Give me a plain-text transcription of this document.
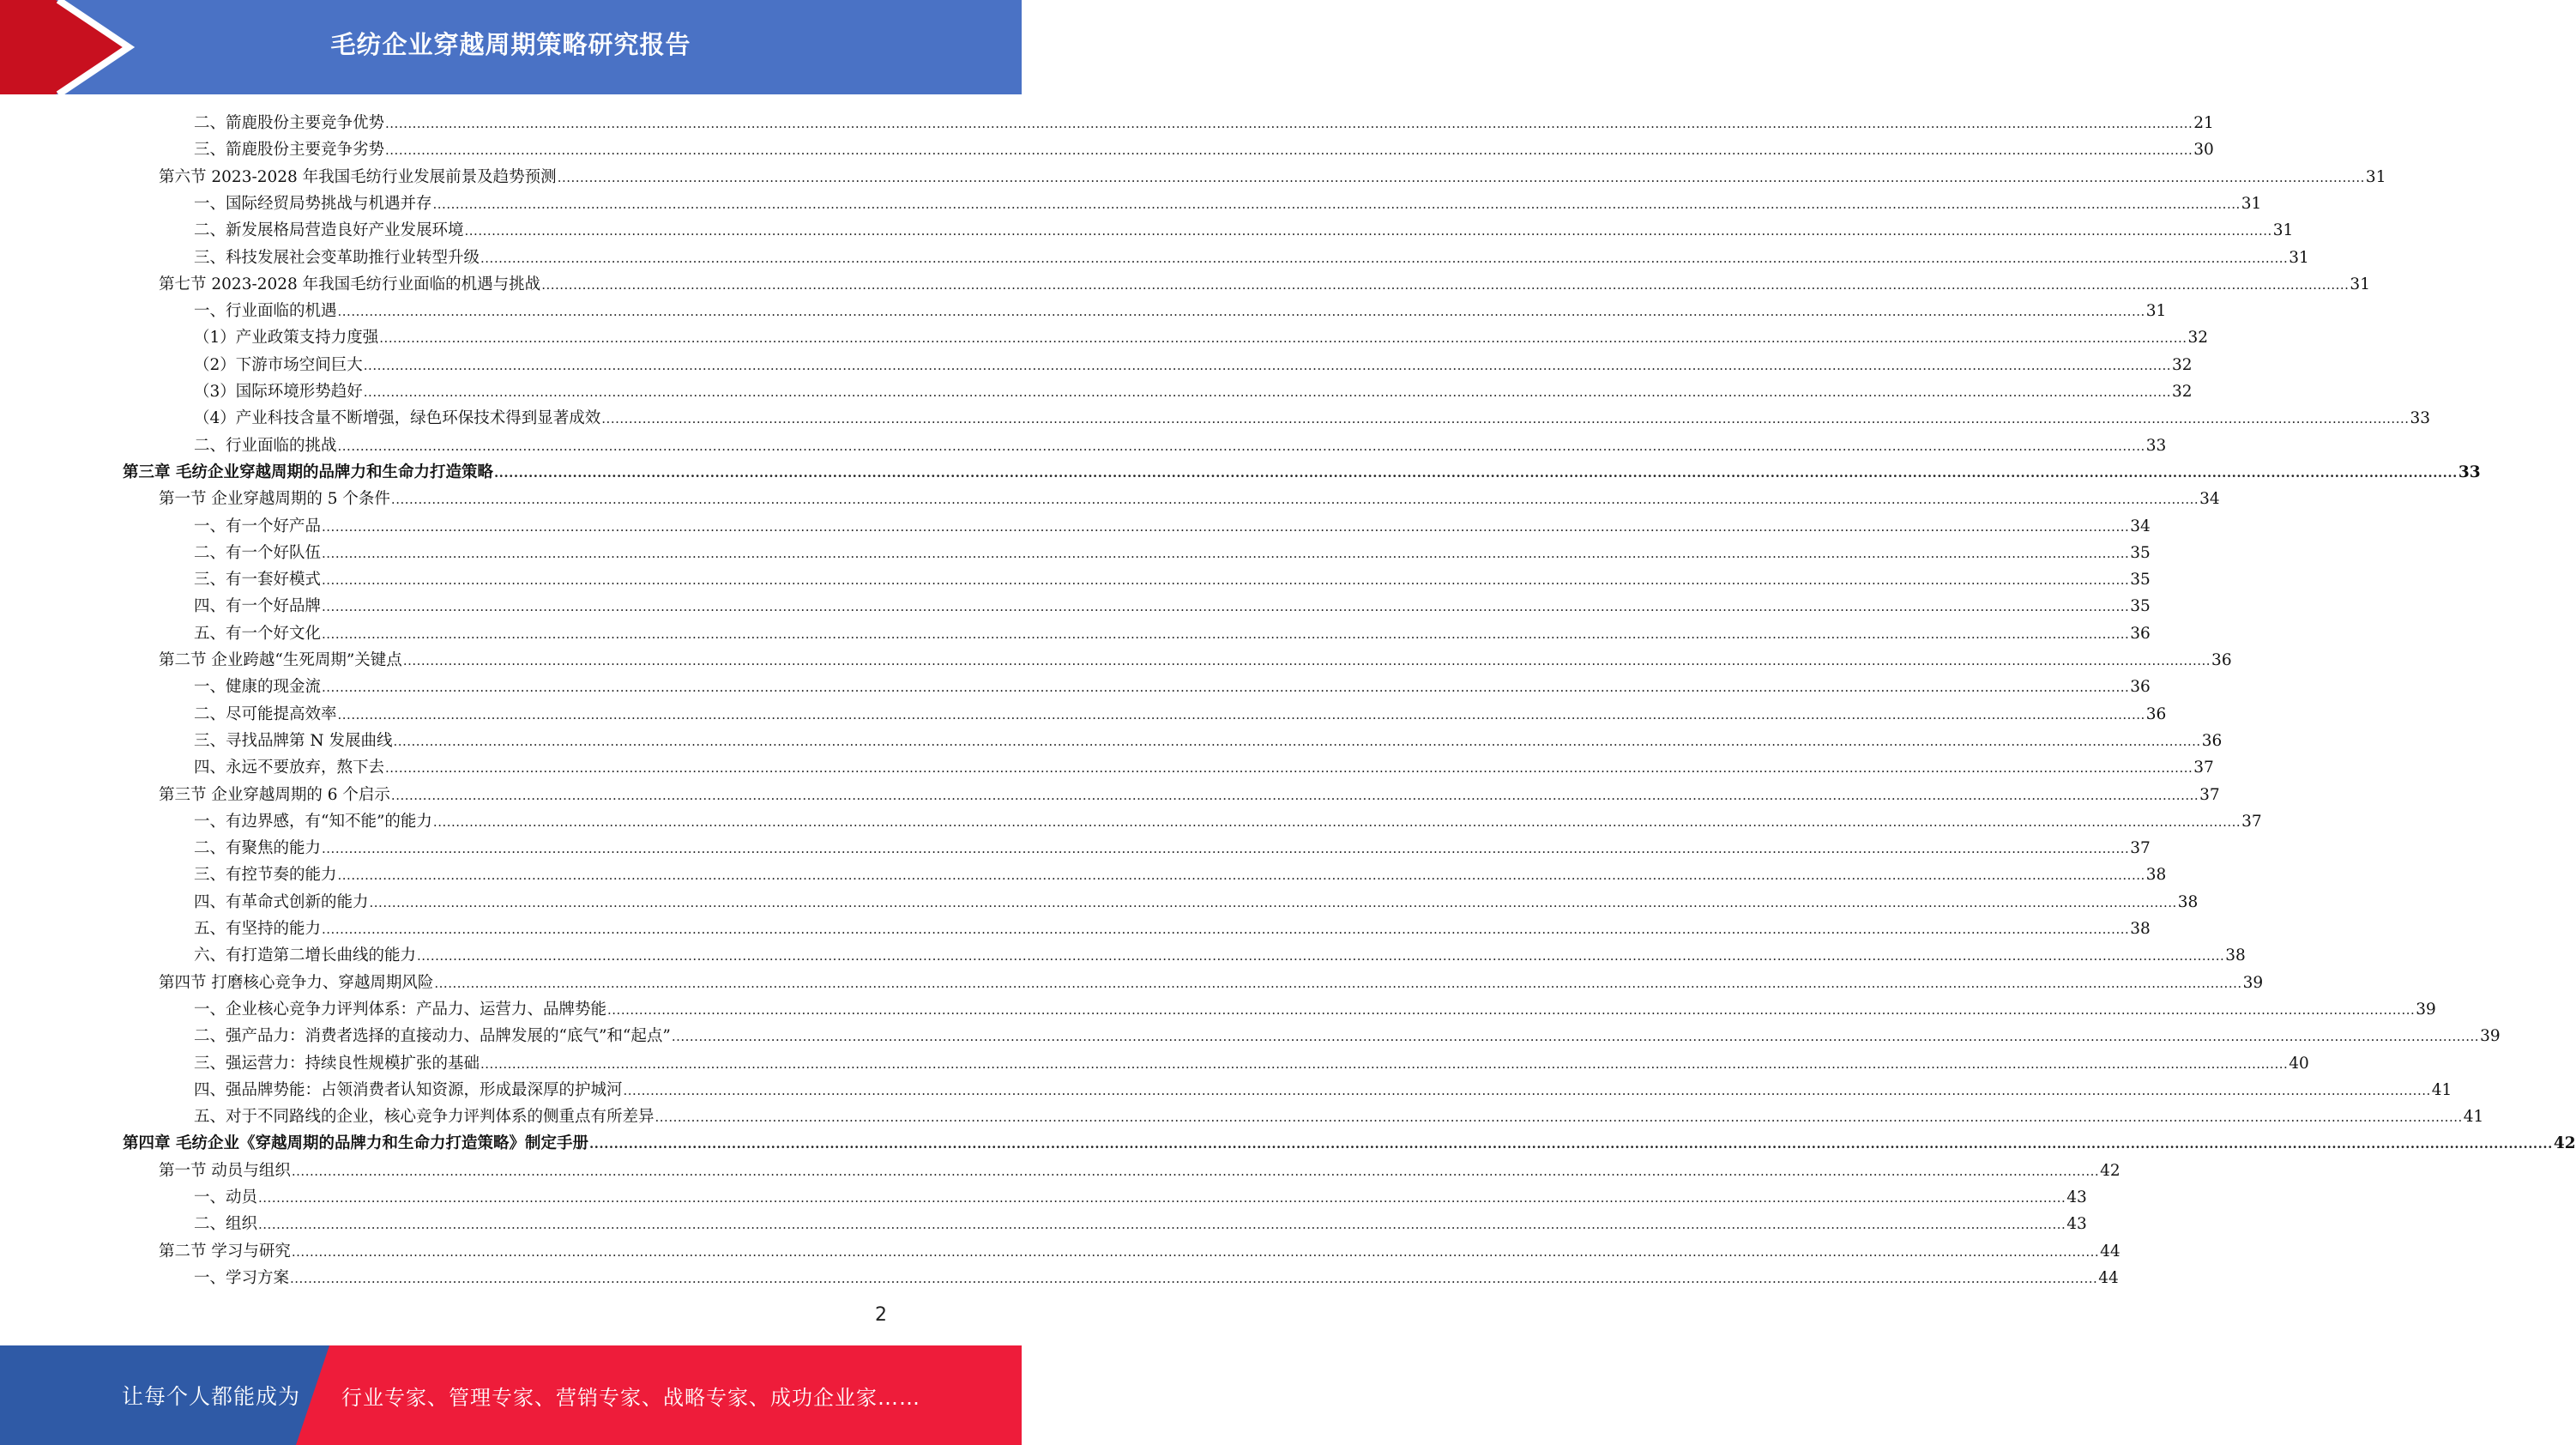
毛纺企业穿越周期策略研究报告
二、箭鹿股份主要竞争优势 ................................................................................................................................................................................................................................................................................................................................................................................................................ 21
三、箭鹿股份主要竞争劣势 ................................................................................................................................................................................................................................................................................................................................................................................................................ 30
第六节 2023-2028 年我国毛纺行业发展前景及趋势预测 ................................................................................................................................................................................................................................................................................................................................................................................................................ 31
一、国际经贸局势挑战与机遇并存 ................................................................................................................................................................................................................................................................................................................................................................................................................ 31
二、新发展格局营造良好产业发展环境 ................................................................................................................................................................................................................................................................................................................................................................................................................ 31
三、科技发展社会变革助推行业转型升级 ................................................................................................................................................................................................................................................................................................................................................................................................................ 31
第七节 2023-2028 年我国毛纺行业面临的机遇与挑战 ................................................................................................................................................................................................................................................................................................................................................................................................................ 31
一、行业面临的机遇 ................................................................................................................................................................................................................................................................................................................................................................................................................ 31
（1）产业政策支持力度强 ................................................................................................................................................................................................................................................................................................................................................................................................................ 32
（2）下游市场空间巨大 ................................................................................................................................................................................................................................................................................................................................................................................................................ 32
（3）国际环境形势趋好 ................................................................................................................................................................................................................................................................................................................................................................................................................ 32
（4）产业科技含量不断增强，绿色环保技术得到显著成效 ................................................................................................................................................................................................................................................................................................................................................................................................................ 33
二、行业面临的挑战 ................................................................................................................................................................................................................................................................................................................................................................................................................ 33
第三章 毛纺企业穿越周期的品牌力和生命力打造策略 ................................................................................................................................................................................................................................................................................................................................................................................................................ 33
第一节 企业穿越周期的 5 个条件 ................................................................................................................................................................................................................................................................................................................................................................................................................ 34
一、有一个好产品 ................................................................................................................................................................................................................................................................................................................................................................................................................ 34
二、有一个好队伍 ................................................................................................................................................................................................................................................................................................................................................................................................................ 35
三、有一套好模式 ................................................................................................................................................................................................................................................................................................................................................................................................................ 35
四、有一个好品牌 ................................................................................................................................................................................................................................................................................................................................................................................................................ 35
五、有一个好文化 ................................................................................................................................................................................................................................................................................................................................................................................................................ 36
第二节 企业跨越“生死周期”关键点 ................................................................................................................................................................................................................................................................................................................................................................................................................ 36
一、健康的现金流 ................................................................................................................................................................................................................................................................................................................................................................................................................ 36
二、尽可能提高效率 ................................................................................................................................................................................................................................................................................................................................................................................................................ 36
三、寻找品牌第 N 发展曲线 ................................................................................................................................................................................................................................................................................................................................................................................................................ 36
四、永远不要放弃，熬下去 ................................................................................................................................................................................................................................................................................................................................................................................................................ 37
第三节 企业穿越周期的 6 个启示 ................................................................................................................................................................................................................................................................................................................................................................................................................ 37
一、有边界感，有“知不能”的能力 ................................................................................................................................................................................................................................................................................................................................................................................................................ 37
二、有聚焦的能力 ................................................................................................................................................................................................................................................................................................................................................................................................................ 37
三、有控节奏的能力 ................................................................................................................................................................................................................................................................................................................................................................................................................ 38
四、有革命式创新的能力 ................................................................................................................................................................................................................................................................................................................................................................................................................ 38
五、有坚持的能力 ................................................................................................................................................................................................................................................................................................................................................................................................................ 38
六、有打造第二增长曲线的能力 ................................................................................................................................................................................................................................................................................................................................................................................................................ 38
第四节 打磨核心竞争力、穿越周期风险 ................................................................................................................................................................................................................................................................................................................................................................................................................ 39
一、企业核心竞争力评判体系：产品力、运营力、品牌势能 ................................................................................................................................................................................................................................................................................................................................................................................................................ 39
二、强产品力：消费者选择的直接动力、品牌发展的“底气”和“起点” ................................................................................................................................................................................................................................................................................................................................................................................................................ 39
三、强运营力：持续良性规模扩张的基础 ................................................................................................................................................................................................................................................................................................................................................................................................................ 40
四、强品牌势能：占领消费者认知资源，形成最深厚的护城河 ................................................................................................................................................................................................................................................................................................................................................................................................................ 41
五、对于不同路线的企业，核心竞争力评判体系的侧重点有所差异 ................................................................................................................................................................................................................................................................................................................................................................................................................ 41
第四章 毛纺企业《穿越周期的品牌力和生命力打造策略》制定手册 ................................................................................................................................................................................................................................................................................................................................................................................................................ 42
第一节 动员与组织 ................................................................................................................................................................................................................................................................................................................................................................................................................ 42
一、动员 ................................................................................................................................................................................................................................................................................................................................................................................................................ 43
二、组织 ................................................................................................................................................................................................................................................................................................................................................................................................................ 43
第二节 学习与研究 ................................................................................................................................................................................................................................................................................................................................................................................................................ 44
一、学习方案 ................................................................................................................................................................................................................................................................................................................................................................................................................ 44
2
让每个人都能成为 行业专家、管理专家、营销专家、战略专家、成功企业家……
